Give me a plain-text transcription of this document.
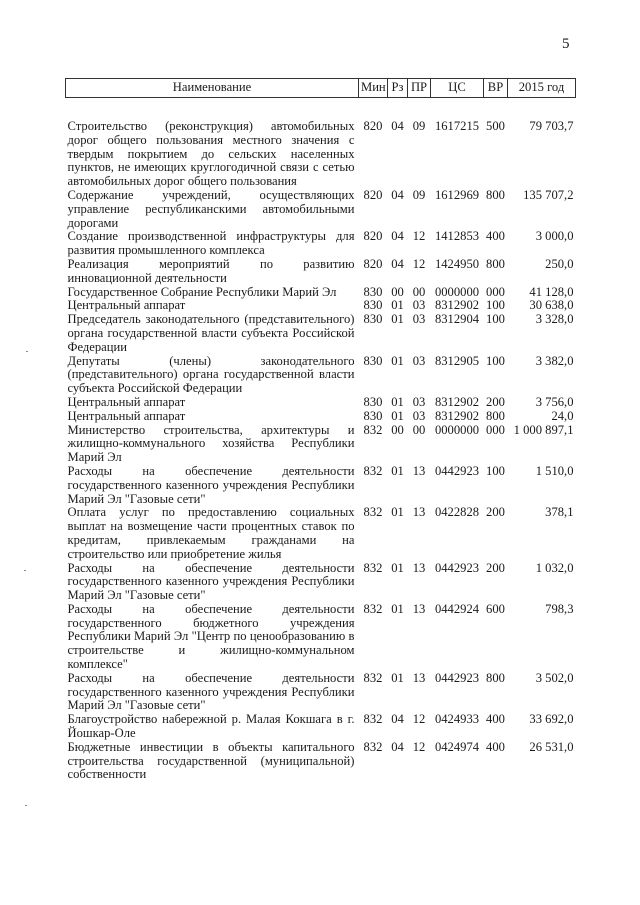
5
Наименование	Мин	Рз	ПР	ЦС	ВР	2015 год
Строительство (реконструкция) автомобильных дорог общего пользования местного значения с твердым покрытием до сельских населенных пунктов, не имеющих круглогодичной связи с сетью автомобильных дорог общего пользования	820	04	09	1617215	500	79 703,7
Содержание учреждений, осуществляющих управление республиканскими автомобильными дорогами	820	04	09	1612969	800	135 707,2
Создание производственной инфраструктуры для развития промышленного комплекса	820	04	12	1412853	400	3 000,0
Реализация мероприятий по развитию инновационной деятельности	820	04	12	1424950	800	250,0
Государственное Собрание Республики Марий Эл	830	00	00	0000000	000	41 128,0
Центральный аппарат	830	01	03	8312902	100	30 638,0
Председатель законодательного (представительного) органа государственной власти субъекта Российской Федерации	830	01	03	8312904	100	3 328,0
Депутаты (члены) законодательного (представительного) органа государственной власти субъекта Российской Федерации	830	01	03	8312905	100	3 382,0
Центральный аппарат	830	01	03	8312902	200	3 756,0
Центральный аппарат	830	01	03	8312902	800	24,0
Министерство строительства, архитектуры и жилищно-коммунального хозяйства Республики Марий Эл	832	00	00	0000000	000	1 000 897,1
Расходы на обеспечение деятельности государственного казенного учреждения Республики Марий Эл "Газовые сети"	832	01	13	0442923	100	1 510,0
Оплата услуг по предоставлению социальных выплат на возмещение части процентных ставок по кредитам, привлекаемым гражданами на строительство или приобретение жилья	832	01	13	0422828	200	378,1
Расходы на обеспечение деятельности государственного казенного учреждения Республики Марий Эл "Газовые сети"	832	01	13	0442923	200	1 032,0
Расходы на обеспечение деятельности государственного бюджетного учреждения Республики Марий Эл "Центр по ценообразованию в строительстве и жилищно-коммунальном комплексе"	832	01	13	0442924	600	798,3
Расходы на обеспечение деятельности государственного казенного учреждения Республики Марий Эл "Газовые сети"	832	01	13	0442923	800	3 502,0
Благоустройство набережной р. Малая Кокшага в г. Йошкар-Оле	832	04	12	0424933	400	33 692,0
Бюджетные инвестиции в объекты капитального строительства государственной (муниципальной) собственности	832	04	12	0424974	400	26 531,0
